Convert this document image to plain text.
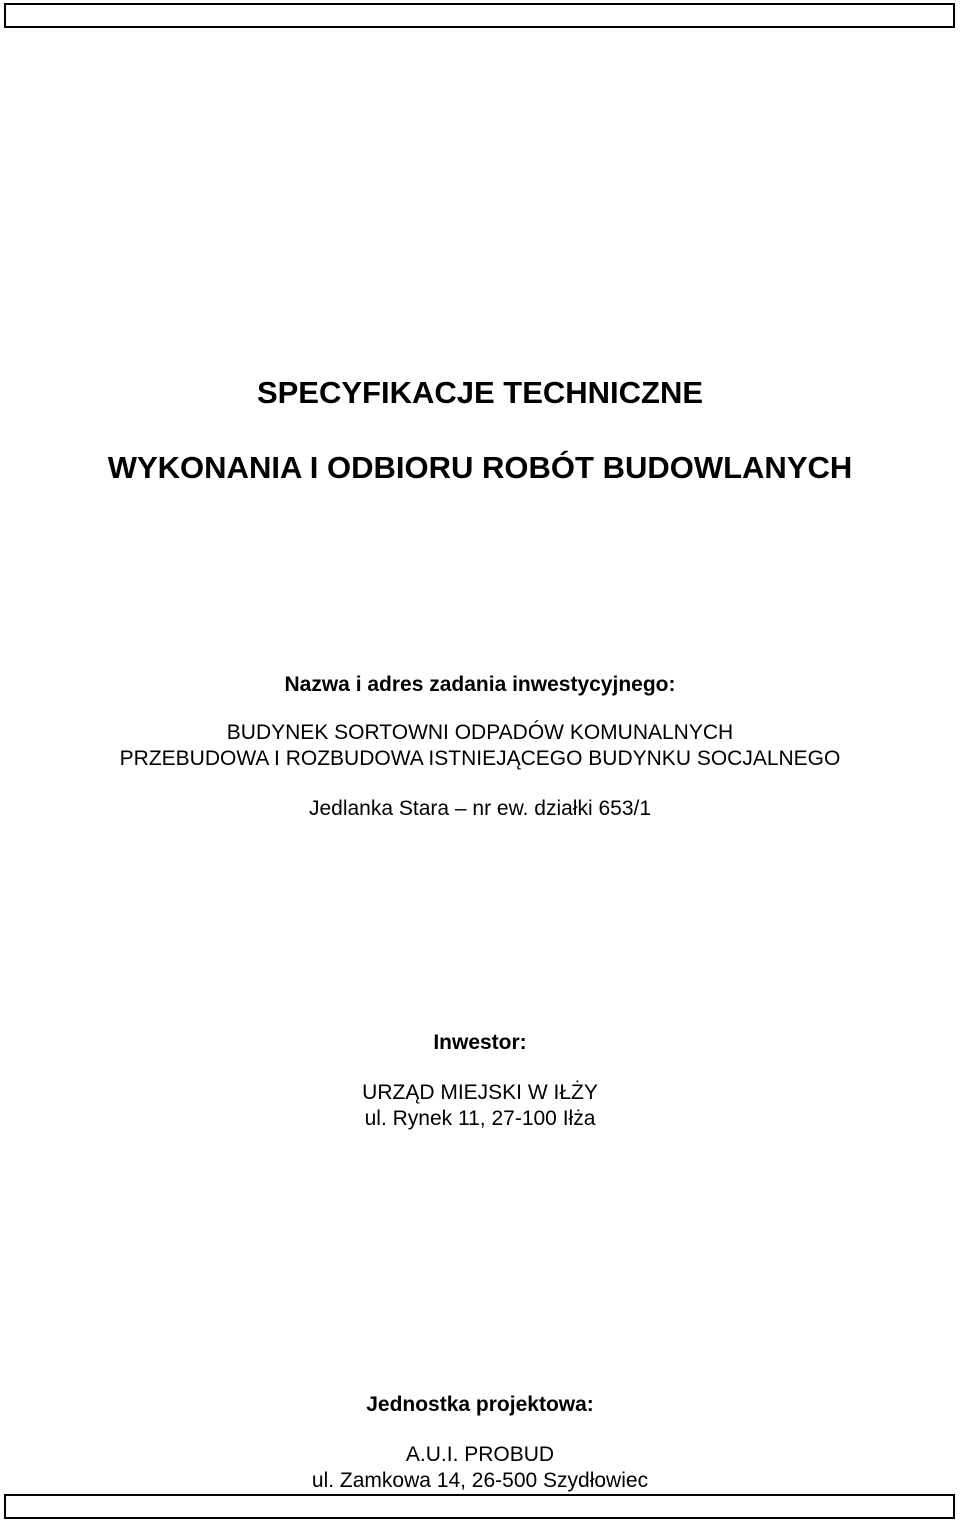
SPECYFIKACJE TECHNICZNE
WYKONANIA I ODBIORU ROBÓT BUDOWLANYCH
Nazwa i adres zadania inwestycyjnego:
BUDYNEK SORTOWNI ODPADÓW KOMUNALNYCH
PRZEBUDOWA I ROZBUDOWA ISTNIEJĄCEGO BUDYNKU SOCJALNEGO
Jedlanka Stara – nr ew. działki 653/1
Inwestor:
URZĄD MIEJSKI W IŁŻY
ul. Rynek 11, 27-100 Iłża
Jednostka projektowa:
A.U.I. PROBUD
ul. Zamkowa 14, 26-500 Szydłowiec
